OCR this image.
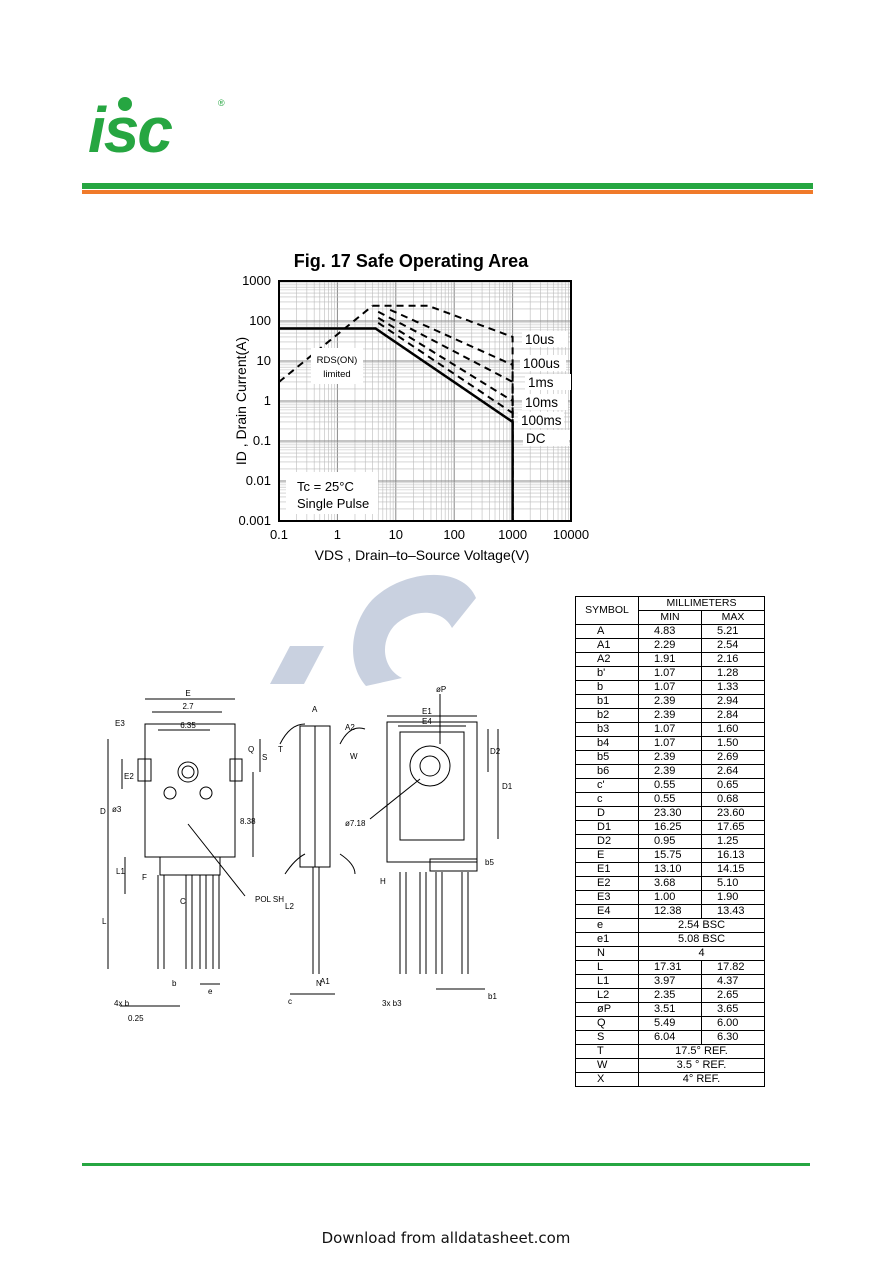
isc	®
Fig. 17 Safe Operating Area
0.1	1	10	100	1000 10000
1000
100
10
1
0.1
0.01
0.001
VDS , Drain–to–Source Voltage(V)
ID , Drain Current(A)	RDS(ON)
limited
Tc = 25°C
Single Pulse
10us
100us
1ms
10ms
100ms
DC
E
2.7
6.35
E3
A
A2
Q
E2
D ø3
S
8.38
L1
L
F
C
b
e
4x b
0.25
POL SH
L2
A1
W
N
c
øP
E1
E4
D1
D2
ø7.18
b5
H
3x b3
b1
T
SYMBOL	MILLIMETERS	
	MIN	MAX
A	4.83	5.21
A1	2.29	2.54
A2	1.91	2.16
b'	1.07	1.28
b	1.07	1.33
b1	2.39	2.94
b2	2.39	2.84
b3	1.07	1.60
b4	1.07	1.50
b5	2.39	2.69
b6	2.39	2.64
c'	0.55	0.65
c	0.55	0.68
D	23.30	23.60
D1	16.25	17.65
D2	0.95	1.25
E	15.75	16.13
E1	13.10	14.15
E2	3.68	5.10
E3	1.00	1.90
E4	12.38	13.43
e	2.54 BSC	
e1	5.08 BSC	
N	4	
L	17.31	17.82
L1	3.97	4.37
L2	2.35	2.65
øP	3.51	3.65
Q	5.49	6.00
S	6.04	6.30
T	17.5° REF.	
W	3.5 ° REF.	
X	4° REF.	
Download from alldatasheet.com
